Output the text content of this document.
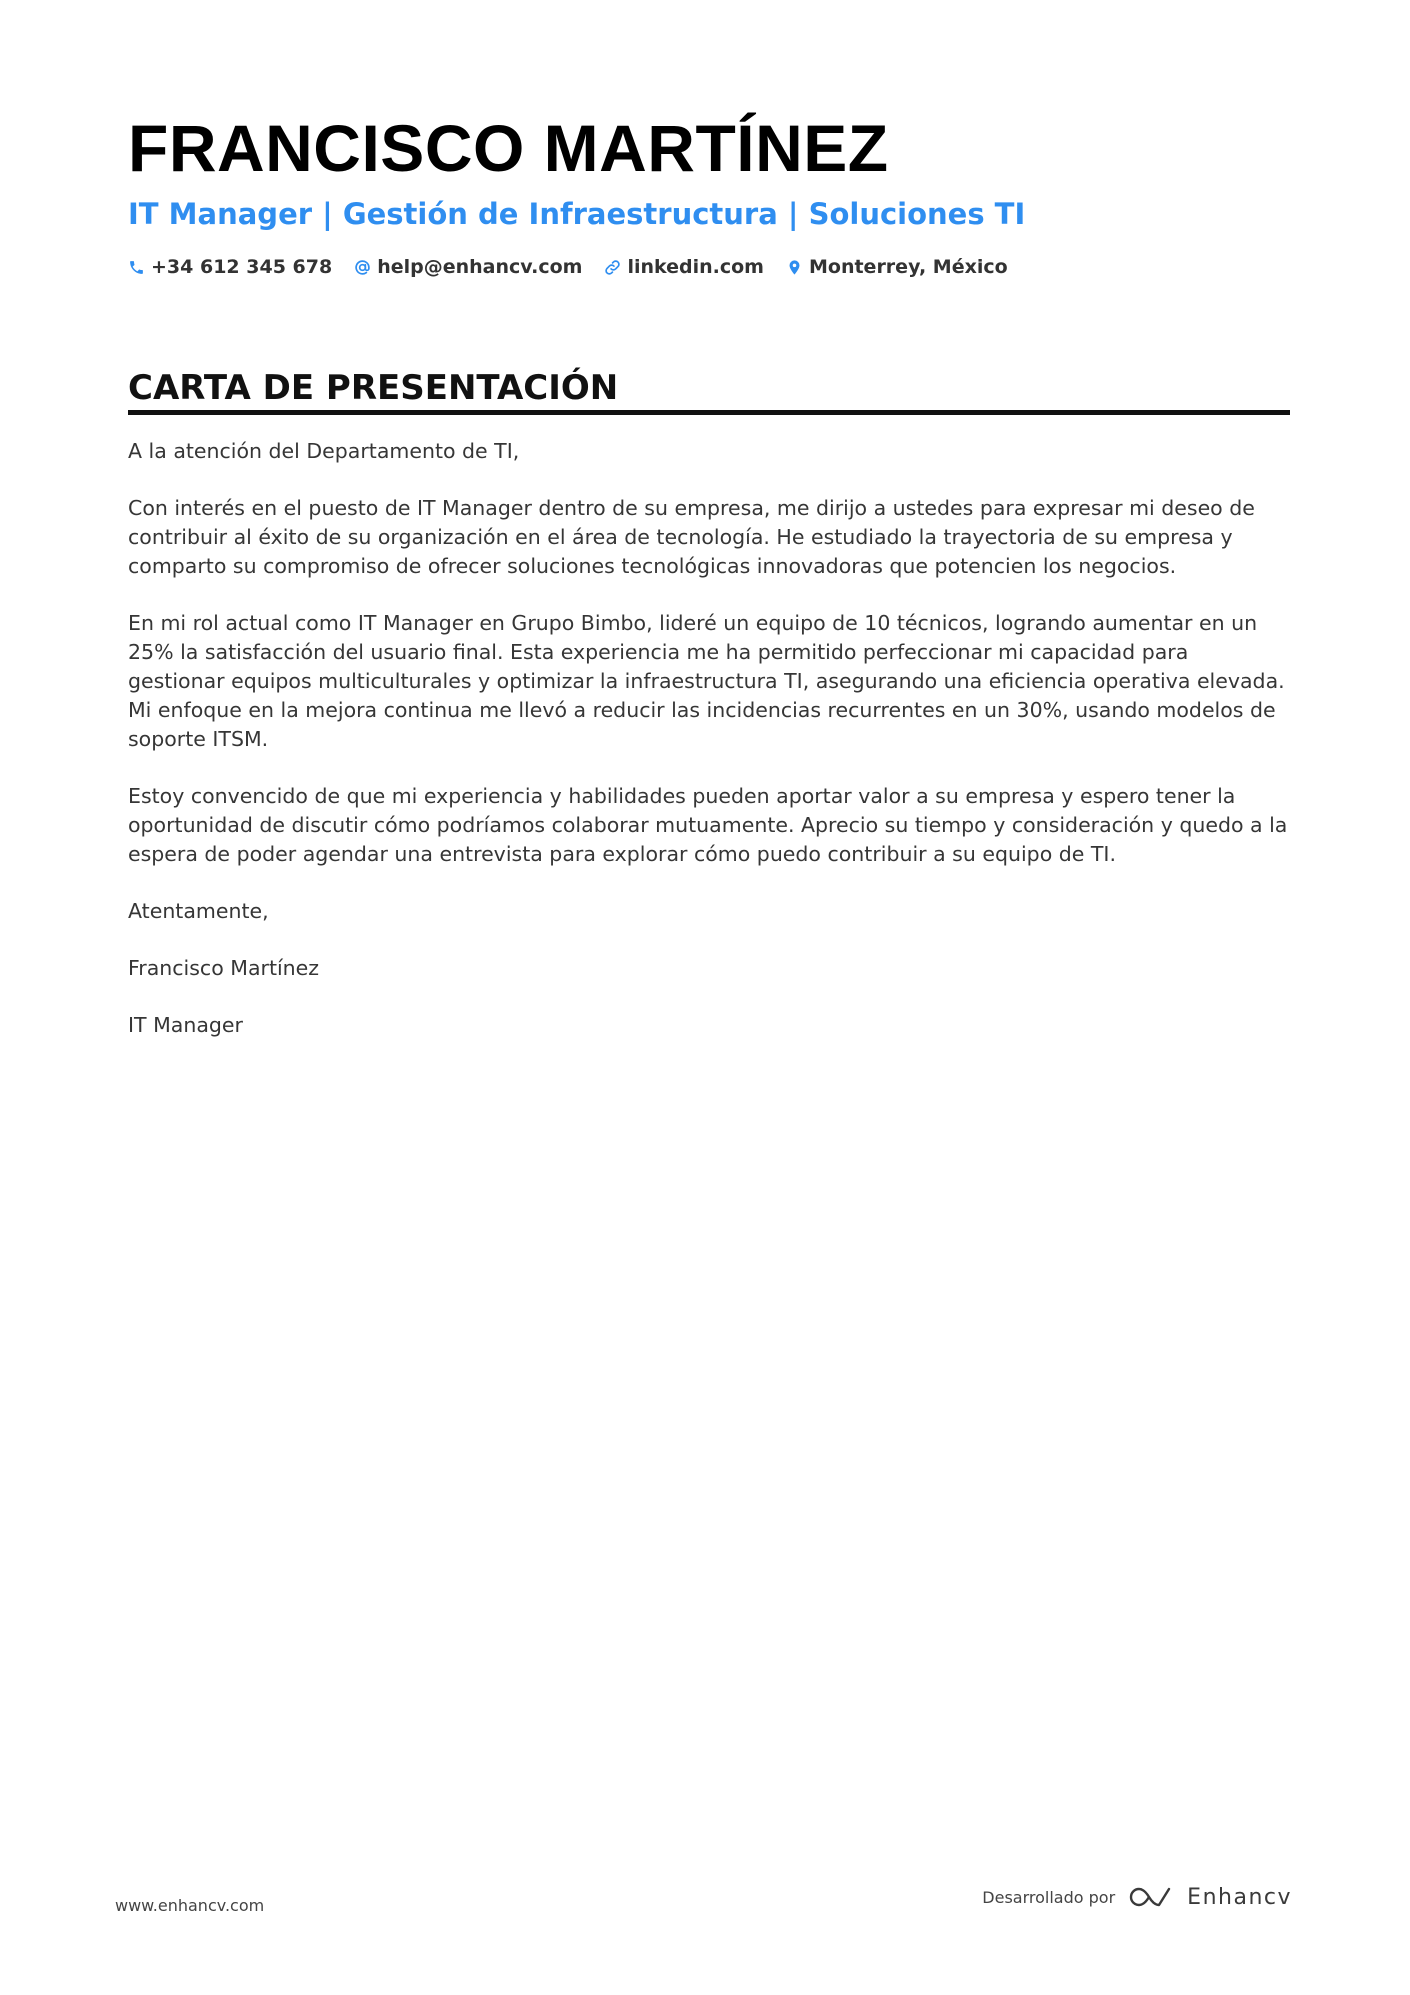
FRANCISCO MARTÍNEZ
IT Manager | Gestión de Infraestructura | Soluciones TI
+34 612 345 678 help@enhancv.com linkedin.com Monterrey, México
CARTA DE PRESENTACIÓN

A la atención del Departamento de TI,

Con interés en el puesto de IT Manager dentro de su empresa, me dirijo a ustedes para expresar mi deseo de contribuir al éxito de su organización en el área de tecnología. He estudiado la trayectoria de su empresa y comparto su compromiso de ofrecer soluciones tecnológicas innovadoras que potencien los negocios.

En mi rol actual como IT Manager en Grupo Bimbo, lideré un equipo de 10 técnicos, logrando aumentar en un 25% la satisfacción del usuario final. Esta experiencia me ha permitido perfeccionar mi capacidad para gestionar equipos multiculturales y optimizar la infraestructura TI, asegurando una eficiencia operativa elevada. Mi enfoque en la mejora continua me llevó a reducir las incidencias recurrentes en un 30%, usando modelos de soporte ITSM.

Estoy convencido de que mi experiencia y habilidades pueden aportar valor a su empresa y espero tener la oportunidad de discutir cómo podríamos colaborar mutuamente. Aprecio su tiempo y consideración y quedo a la espera de poder agendar una entrevista para explorar cómo puedo contribuir a su equipo de TI.

Atentamente,

Francisco Martínez

IT Manager

www.enhancv.com	Desarrollado por	Enhancv
